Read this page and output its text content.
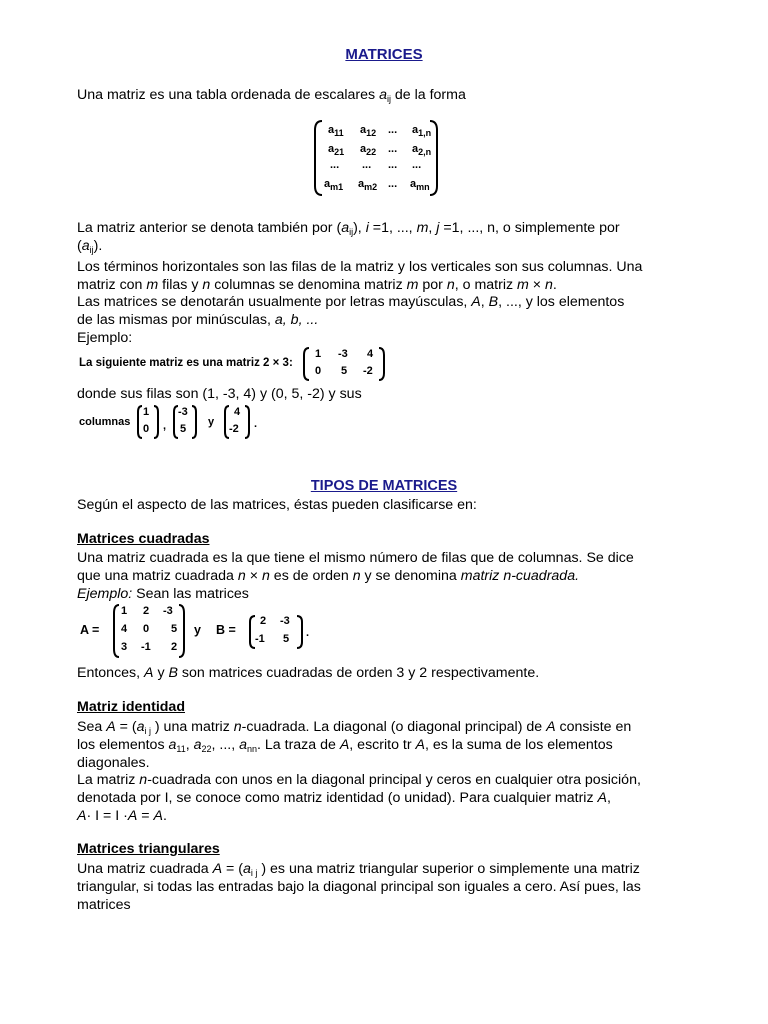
MATRICES

Una matriz es una tabla ordenada de escalares $a_{ij}$ de la forma

$a_{11}$ $a_{12}$ ... $a_{1,n}$
$a_{21}$ $a_{22}$ ... $a_{2,n}$
... ... ... ...
$a_{m1}$ $a_{m2}$ ... $a_{mn}$

La matriz anterior se denota también por $(a_{ij})$, i =1, ..., m, j =1, ..., n, o simplemente por
$(a_{ij})$.

Los términos horizontales son las filas de la matriz y los verticales son sus columnas. Una
matriz con m filas y n columnas se denomina matriz m por n, o matriz m × n.

Las matrices se denotarán usualmente por letras mayúsculas, A, B, ..., y los elementos
de las mismas por minúsculas, a, b, ...
Ejemplo:

La siguiente matriz es una matriz 2 × 3:
1 -3 4
0 5 -2

donde sus filas son (1, -3, 4) y (0, 5, -2) y sus

columnas
1
0 ,
-3
5
y
4
-2 .
TIPOS DE MATRICES

Según el aspecto de las matrices, éstas pueden clasificarse en:

Matrices cuadradas

Una matriz cuadrada es la que tiene el mismo número de filas que de columnas. Se dice
que una matriz cuadrada n × n es de orden n y se denomina matriz n-cuadrada.
Ejemplo: Sean las matrices

A =
1 2 -3
4 0 5
3 -1 2
y B =
2 -3
-1 5 .

Entonces, A y B son matrices cuadradas de orden 3 y 2 respectivamente.

Matriz identidad

Sea $A = (a_{i j}$ ) una matriz n-cuadrada. La diagonal (o diagonal principal) de A consiste en
los elementos $a_{11}$, $a_{22}$, ..., $a_{nn}$. La traza de A, escrito tr A, es la suma de los elementos
diagonales.

La matriz n-cuadrada con unos en la diagonal principal y ceros en cualquier otra posición,
denotada por I, se conoce como matriz identidad (o unidad). Para cualquier matriz A,
A· I = I ·A = A.

Matrices triangulares

Una matriz cuadrada $A = (a_{i j}$ ) es una matriz triangular superior o simplemente una matriz
triangular, si todas las entradas bajo la diagonal principal son iguales a cero. Así pues, las
matrices
